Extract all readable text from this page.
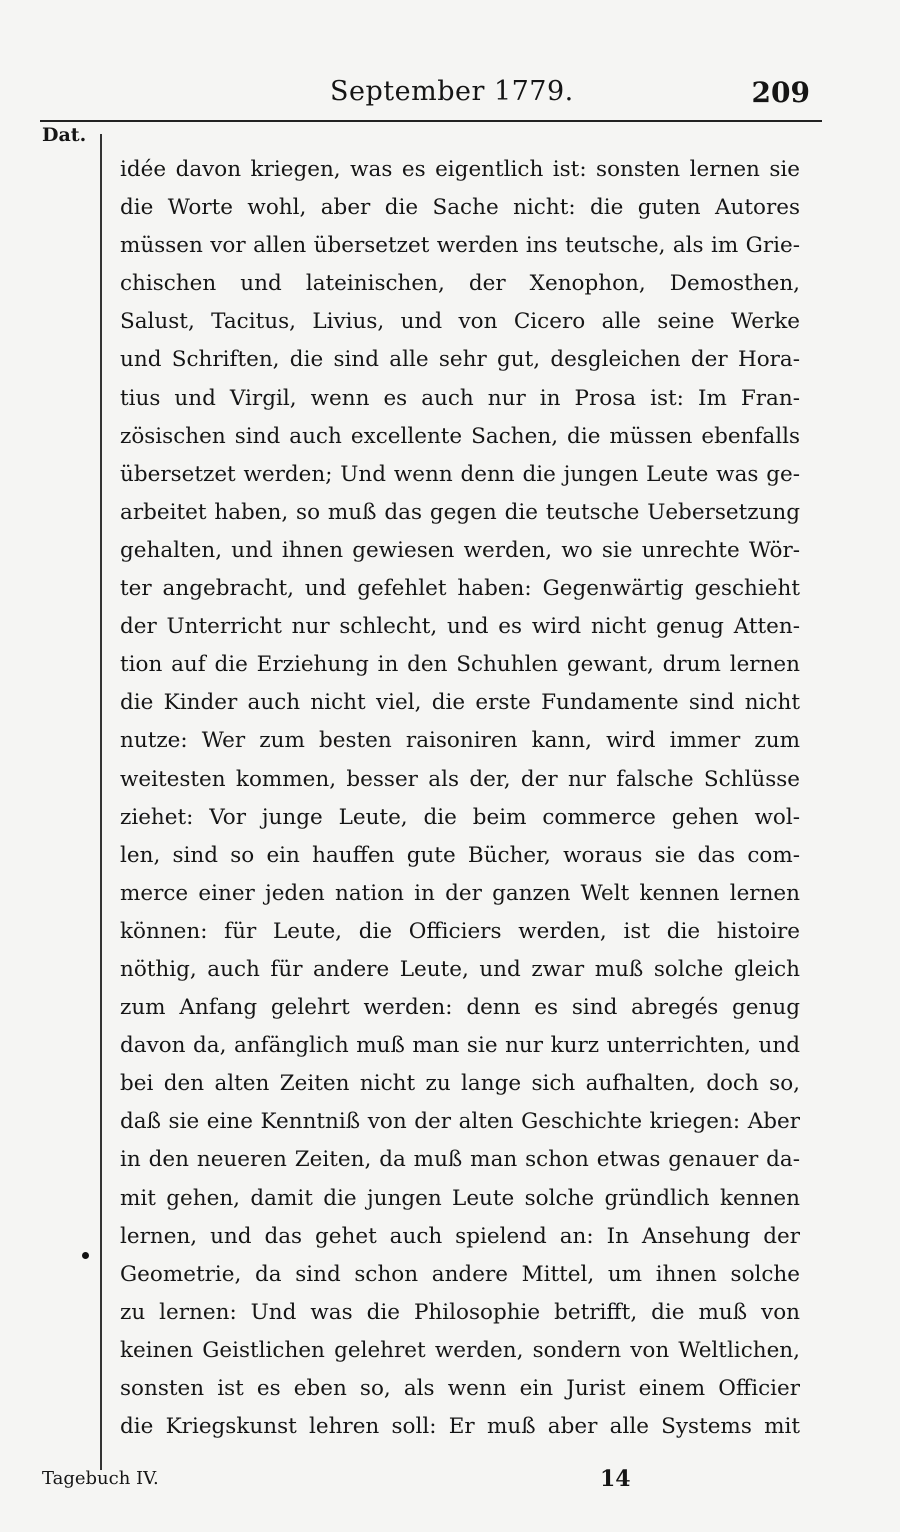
September 1779.	209
Dat.
idée davon kriegen, was es eigentlich ist: sonsten lernen sie
die Worte wohl, aber die Sache nicht: die guten Autores
müssen vor allen übersetzet werden ins teutsche, als im Grie-
chischen und lateinischen, der Xenophon, Demosthen,
Salust, Tacitus, Livius, und von Cicero alle seine Werke
und Schriften, die sind alle sehr gut, desgleichen der Hora-
tius und Virgil, wenn es auch nur in Prosa ist: Im Fran-
zösischen sind auch excellente Sachen, die müssen ebenfalls
übersetzet werden; Und wenn denn die jungen Leute was ge-
arbeitet haben, so muß das gegen die teutsche Uebersetzung
gehalten, und ihnen gewiesen werden, wo sie unrechte Wör-
ter angebracht, und gefehlet haben: Gegenwärtig geschieht
der Unterricht nur schlecht, und es wird nicht genug Atten-
tion auf die Erziehung in den Schuhlen gewant, drum lernen
die Kinder auch nicht viel, die erste Fundamente sind nicht
nutze: Wer zum besten raisoniren kann, wird immer zum
weitesten kommen, besser als der, der nur falsche Schlüsse
ziehet: Vor junge Leute, die beim commerce gehen wol-
len, sind so ein hauffen gute Bücher, woraus sie das com-
merce einer jeden nation in der ganzen Welt kennen lernen
können: für Leute, die Officiers werden, ist die histoire
nöthig, auch für andere Leute, und zwar muß solche gleich
zum Anfang gelehrt werden: denn es sind abregés genug
davon da, anfänglich muß man sie nur kurz unterrichten, und
bei den alten Zeiten nicht zu lange sich aufhalten, doch so,
daß sie eine Kenntniß von der alten Geschichte kriegen: Aber
in den neueren Zeiten, da muß man schon etwas genauer da-
mit gehen, damit die jungen Leute solche gründlich kennen
lernen, und das gehet auch spielend an: In Ansehung der
Geometrie, da sind schon andere Mittel, um ihnen solche
zu lernen: Und was die Philosophie betrifft, die muß von
keinen Geistlichen gelehret werden, sondern von Weltlichen,
sonsten ist es eben so, als wenn ein Jurist einem Officier
die Kriegskunst lehren soll: Er muß aber alle Systems mit
Tagebuch IV.	14
